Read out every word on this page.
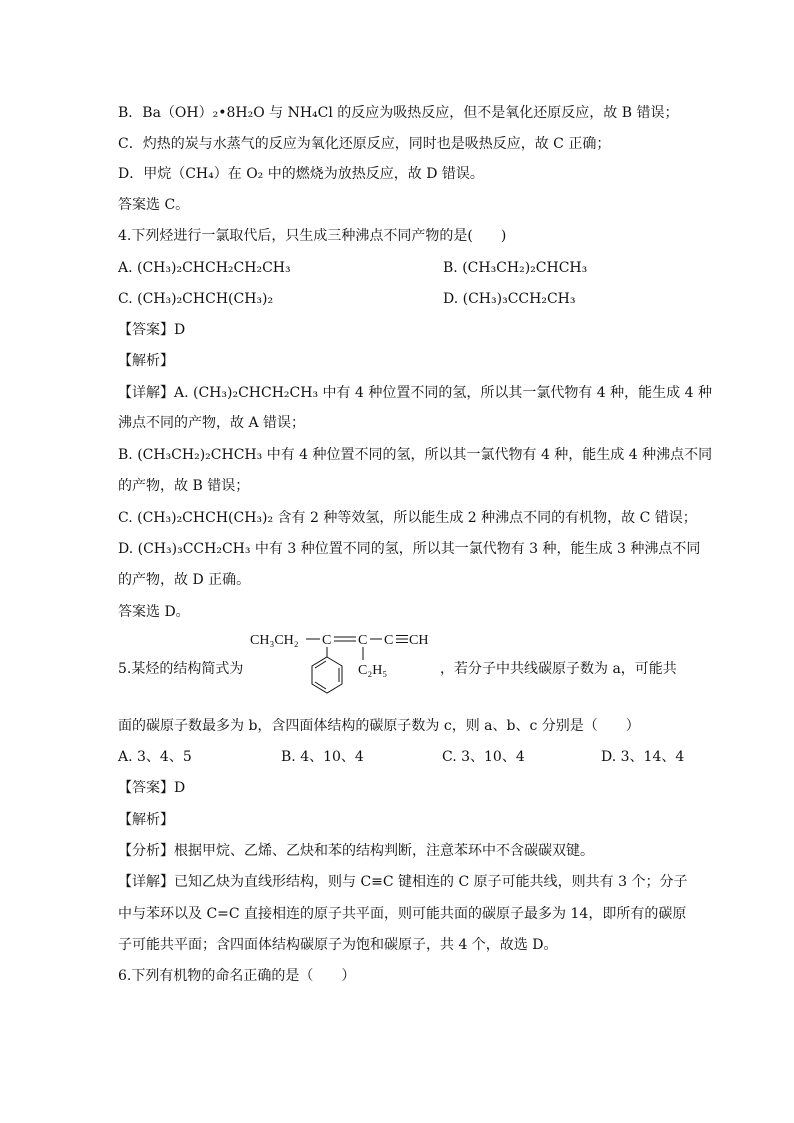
B．Ba（OH）₂•8H₂O 与 NH₄Cl 的反应为吸热反应，但不是氧化还原反应，故 B 错误；
C．灼热的炭与水蒸气的反应为氧化还原反应，同时也是吸热反应，故 C 正确；
D．甲烷（CH₄）在 O₂ 中的燃烧为放热反应，故 D 错误。
答案选 C。
4.下列烃进行一氯取代后，只生成三种沸点不同产物的是(　　)
A. (CH₃)₂CHCH₂CH₂CH₃	B. (CH₃CH₂)₂CHCH₃
C. (CH₃)₂CHCH(CH₃)₂	D. (CH₃)₃CCH₂CH₃
【答案】D
【解析】
【详解】A. (CH₃)₂CHCH₂CH₃ 中有 4 种位置不同的氢，所以其一氯代物有 4 种，能生成 4 种
沸点不同的产物，故 A 错误；
B. (CH₃CH₂)₂CHCH₃ 中有 4 种位置不同的氢，所以其一氯代物有 4 种，能生成 4 种沸点不同
的产物，故 B 错误；
C. (CH₃)₂CHCH(CH₃)₂ 含有 2 种等效氢，所以能生成 2 种沸点不同的有机物，故 C 错误；
D. (CH₃)₃CCH₂CH₃ 中有 3 种位置不同的氢，所以其一氯代物有 3 种，能生成 3 种沸点不同
的产物，故 D 正确。
答案选 D。
5.某烃的结构简式为
CH₃CH₂ C C C CH
C₂H₅	，若分子中共线碳原子数为 a，可能共
面的碳原子数最多为 b，含四面体结构的碳原子数为 c，则 a、b、c 分别是（　　）
A. 3、4、5	B. 4、10、4	C. 3、10、4	D. 3、14、4
【答案】D
【解析】
【分析】根据甲烷、乙烯、乙炔和苯的结构判断，注意苯环中不含碳碳双键。
【详解】已知乙炔为直线形结构，则与 C≡C 键相连的 C 原子可能共线，则共有 3 个；分子
中与苯环以及 C=C 直接相连的原子共平面，则可能共面的碳原子最多为 14，即所有的碳原
子可能共平面；含四面体结构碳原子为饱和碳原子，共 4 个，故选 D。
6.下列有机物的命名正确的是（　　）
